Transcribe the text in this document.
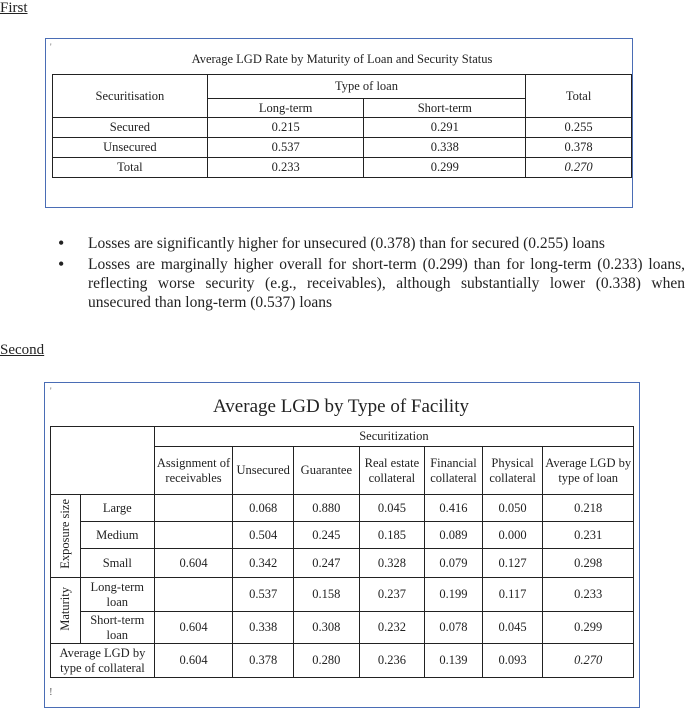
First
'
Average LGD Rate by Maturity of Loan and Security Status			
Securitisation	Type of loan		Total
	Long-term	Short-term	
Secured	0.215	0.291	0.255
Unsecured	0.537	0.338	0.378
Total	0.233	0.299	0.270
• Losses are significantly higher for unsecured (0.378) than for secured (0.255) loans
• Losses are marginally higher overall for short-term (0.299) than for long-term (0.233) loans, reflecting worse security (e.g., receivables), although substantially lower (0.338) when unsecured than long-term (0.537) loans
Second
'
Average LGD by Type of Facility
		Securitization						
		Assignment of receivables	Unsecured	Guarantee	Real estate collateral	Financial collateral	Physical collateral	Average LGD by type of loan
Exposure size	Large		0.068	0.880	0.045	0.416	0.050	0.218
	Medium		0.504	0.245	0.185	0.089	0.000	0.231
	Small	0.604	0.342	0.247	0.328	0.079	0.127	0.298
Maturity	Long-term loan		0.537	0.158	0.237	0.199	0.117	0.233
	Short-term loan	0.604	0.338	0.308	0.232	0.078	0.045	0.299
Average LGD by type of collateral		0.604	0.378	0.280	0.236	0.139	0.093	0.270
!
